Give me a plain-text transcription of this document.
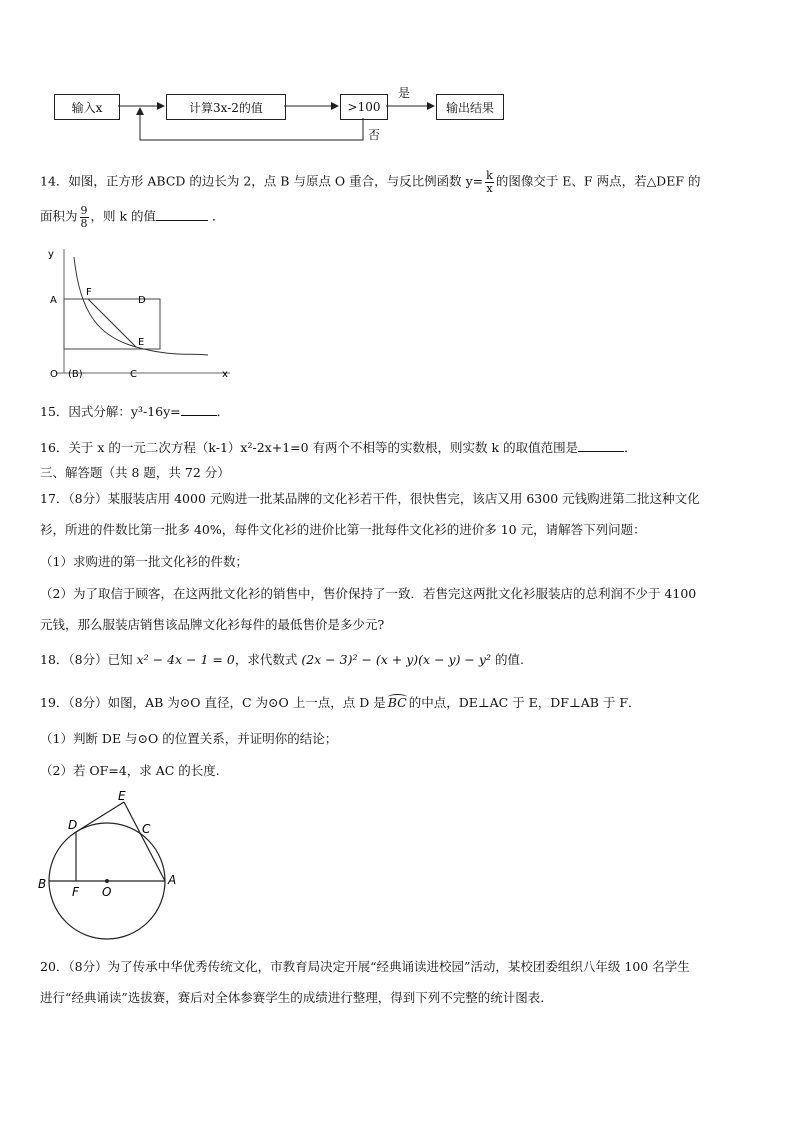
输入x	计算3x-2的值	>100	输出结果
是
否
14．如图，正方形 ABCD 的边长为 2，点 B 与原点 O 重合，与反比例函数 $y= \frac{k}{x}$ 的图像交于 E、F 两点，若△DEF 的
面积为 $\frac{9}{8}$ ，则 k 的值	．
y
A
F
D
E
O (B)	C	x
15．因式分解：y³-16y=	．
16．关于 x 的一元二次方程（k-1）x²-2x+1=0 有两个不相等的实数根，则实数 k 的取值范围是	．
三、解答题（共 8 题，共 72 分）
17．（8分）某服装店用 4000 元购进一批某品牌的文化衫若干件，很快售完，该店又用 6300 元钱购进第二批这种文化
衫，所进的件数比第一批多 40%，每件文化衫的进价比第一批每件文化衫的进价多 10 元，请解答下列问题：
（1）求购进的第一批文化衫的件数；
（2）为了取信于顾客，在这两批文化衫的销售中，售价保持了一致．若售完这两批文化衫服装店的总利润不少于 4100
元钱，那么服装店销售该品牌文化衫每件的最低售价是多少元?
18．（8分）已知 x² − 4x − 1 = 0，求代数式 (2x − 3)² − (x + y)(x − y) − y² 的值.
19．（8分）如图，AB 为⊙O 直径，C 为⊙O 上一点，点 D 是 BC 的中点，DE⊥AC 于 E，DF⊥AB 于 F．
（1）判断 DE 与⊙O 的位置关系，并证明你的结论；
（2）若 OF=4，求 AC 的长度.
E
D	C
B
F O
A
20．（8分）为了传承中华优秀传统文化，市教育局决定开展“经典诵读进校园”活动，某校团委组织八年级 100 名学生
进行“经典诵读”选拔赛，赛后对全体参赛学生的成绩进行整理，得到下列不完整的统计图表.
